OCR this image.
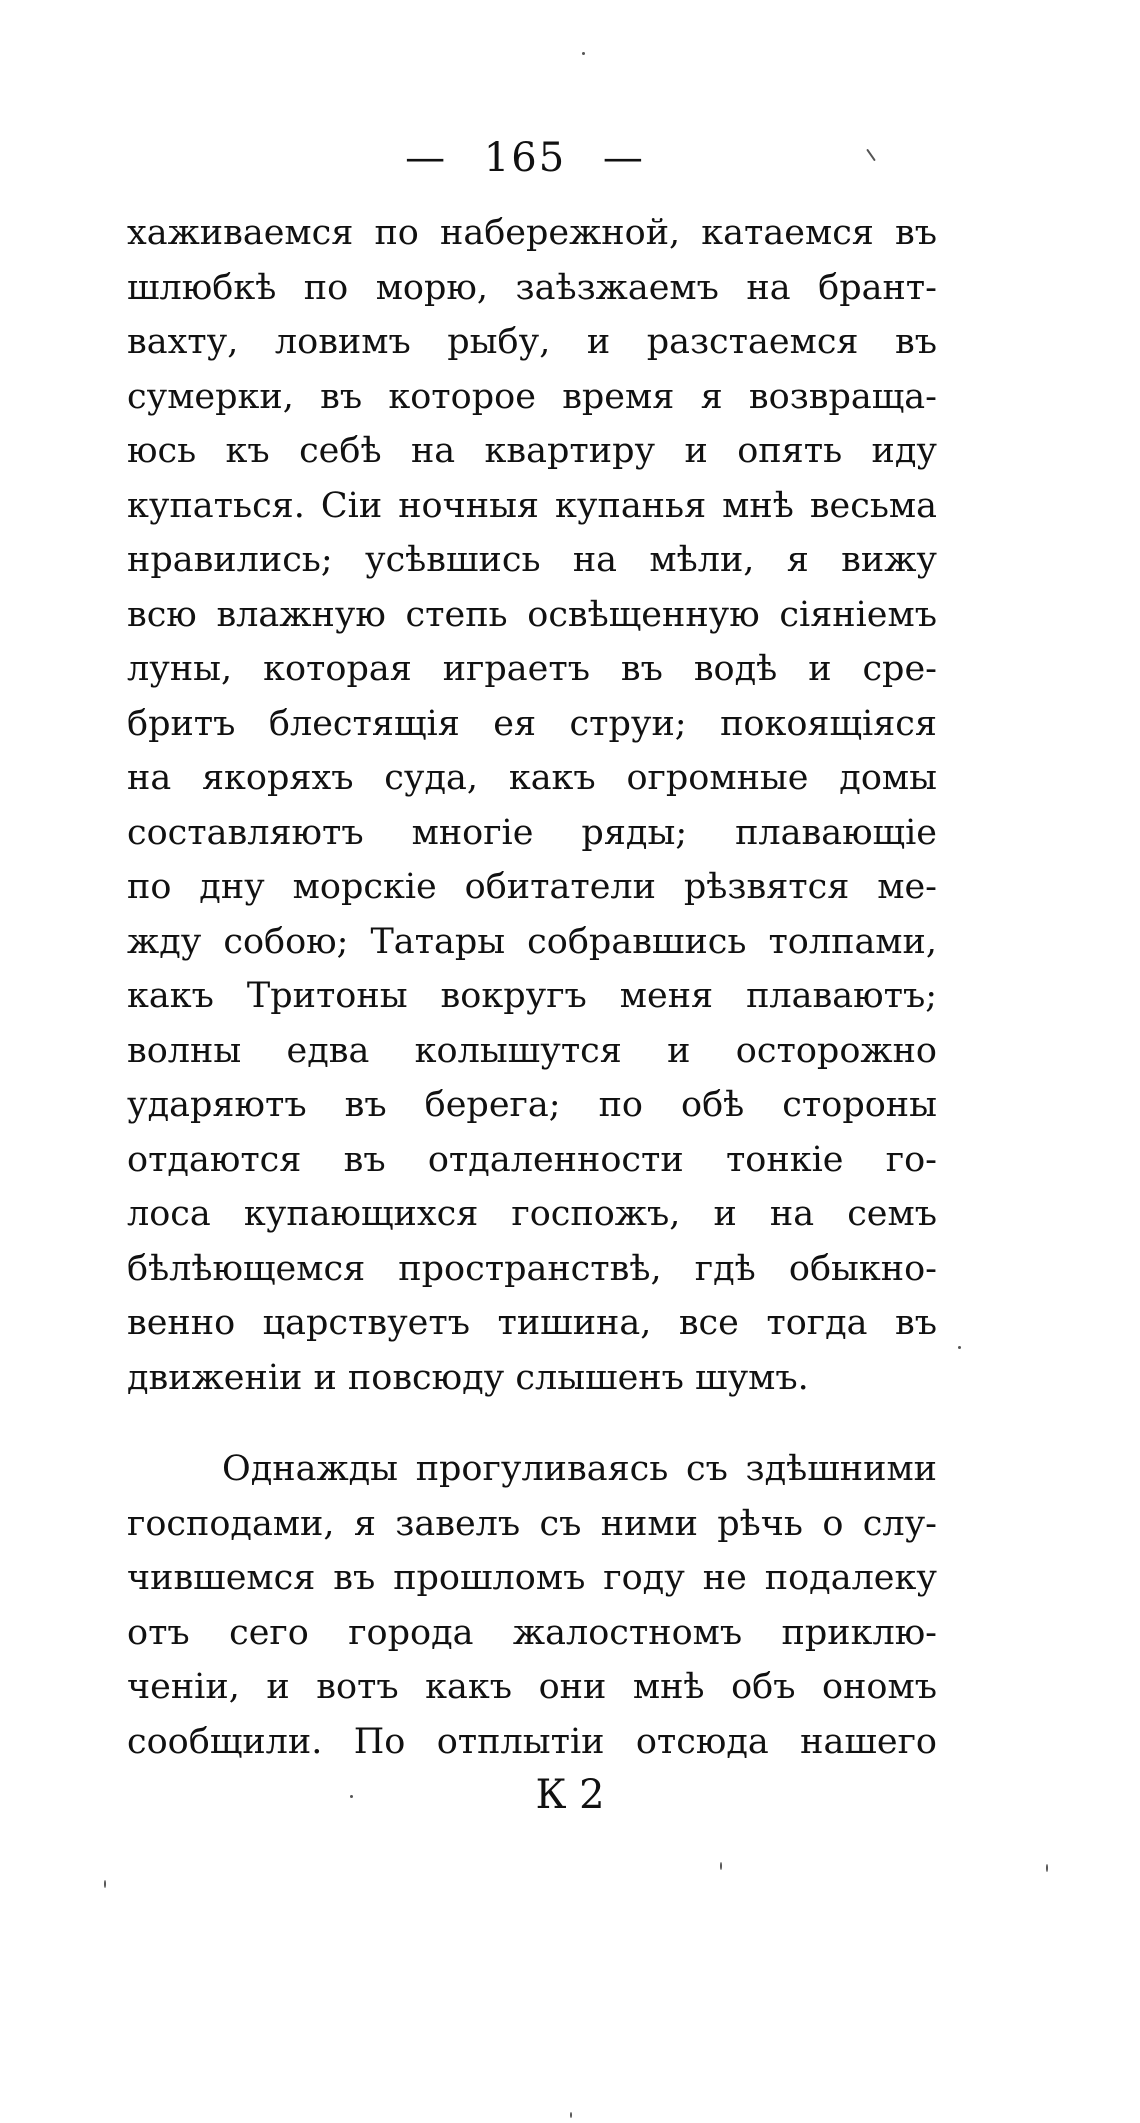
— 165 —
хаживаемся по набережной, катаемся въ
шлюбкѣ по морю, заѣзжаемъ на брант-
вахту, ловимъ рыбу, и разстаемся въ
сумерки, въ которое время я возвраща-
юсь къ себѣ на квартиру и опять иду
купаться. Сіи ночныя купанья мнѣ весьма
нравились; усѣвшись на мѣли, я вижу
всю влажную степь освѣщенную сіяніемъ
луны, которая играетъ въ водѣ и сре-
бритъ блестящія ея струи; покоящіяся
на якоряхъ суда, какъ огромные домы
составляютъ многіе ряды; плавающіе
по дну морскіе обитатели рѣзвятся ме-
жду собою; Татары собравшись толпами,
какъ Тритоны вокругъ меня плаваютъ;
волны едва колышутся и осторожно
ударяютъ въ берега; по обѣ стороны
отдаются въ отдаленности тонкіе го-
лоса купающихся госпожъ, и на семъ
бѣлѣющемся пространствѣ, гдѣ обыкно-
венно царствуетъ тишина, все тогда въ
движеніи и повсюду слышенъ шумъ.
Однажды прогуливаясь съ здѣшними
господами, я завелъ съ ними рѣчь о слу-
чившемся въ прошломъ году не подалеку
отъ сего города жалостномъ приклю-
ченіи, и вотъ какъ они мнѣ объ ономъ
сообщили. По отплытіи отсюда нашего
К 2
